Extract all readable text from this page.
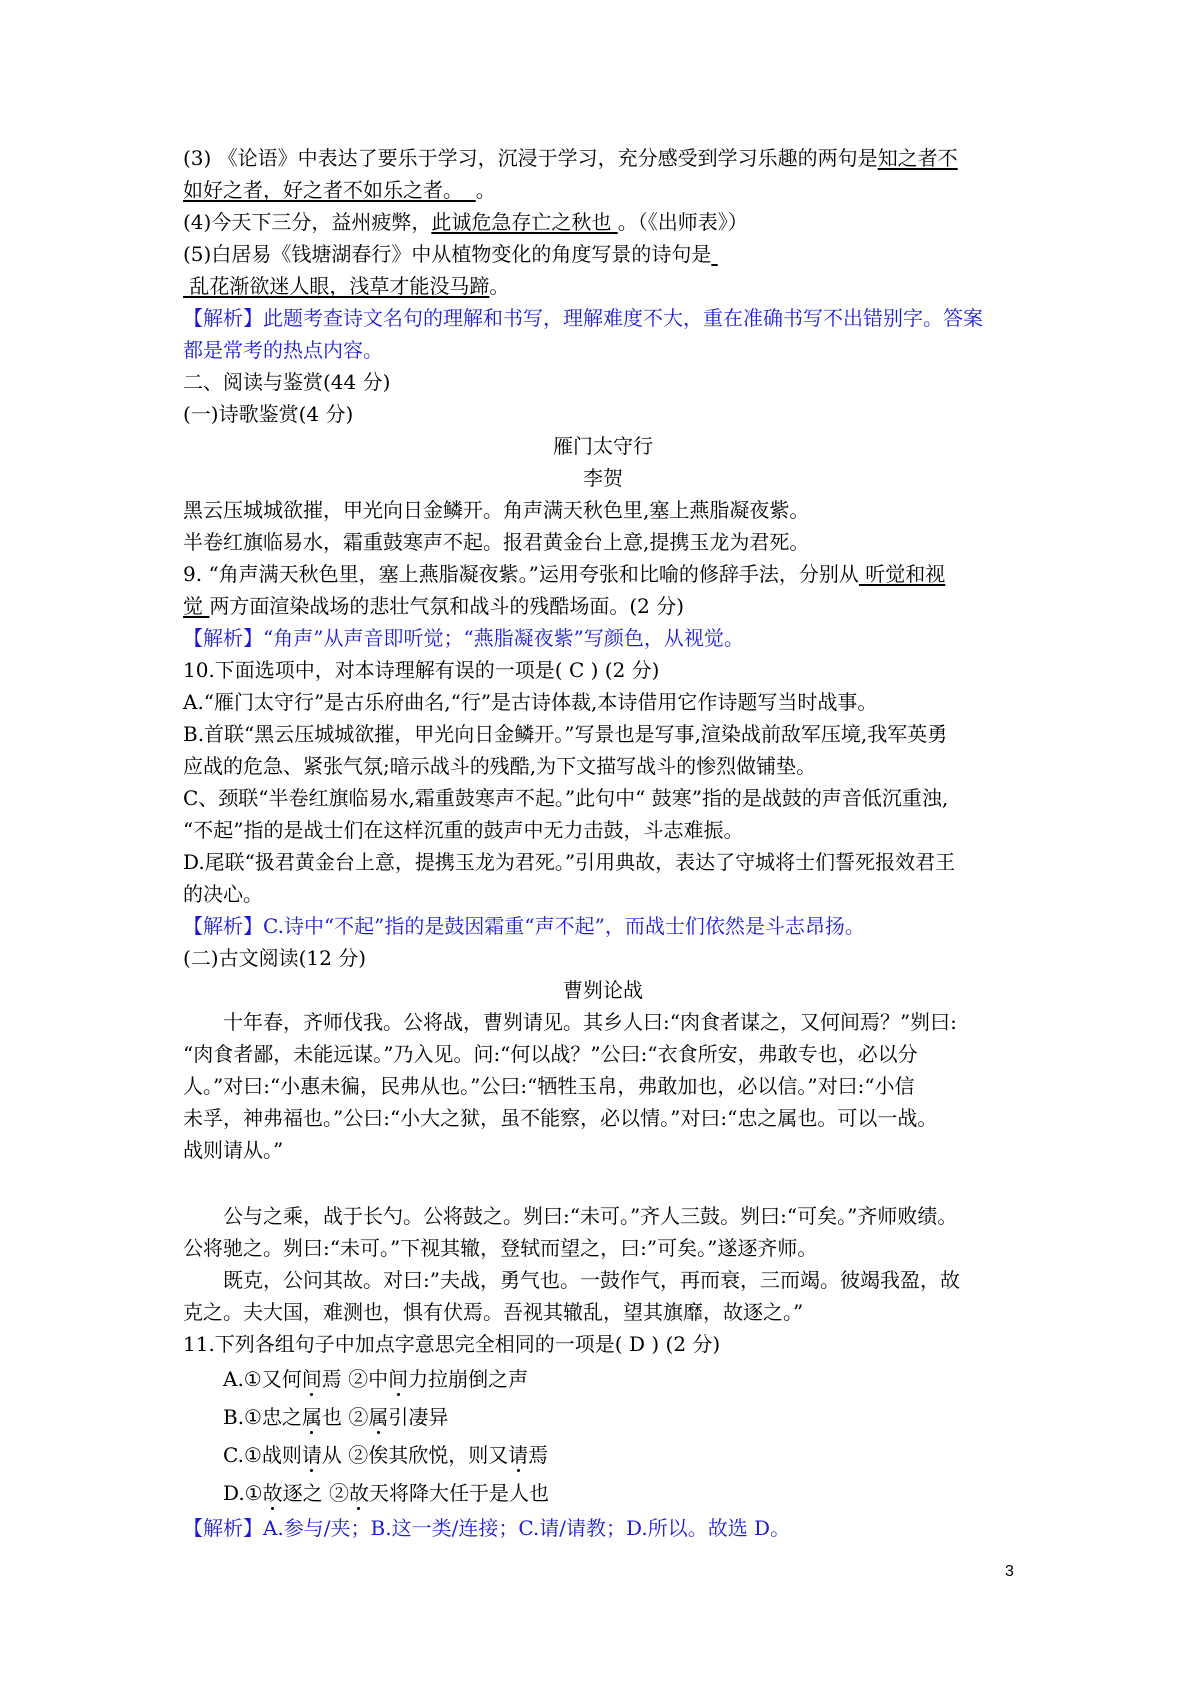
(3) 《论语》中表达了要乐于学习，沉浸于学习，充分感受到学习乐趣的两句是知之者不
如好之者，好之者不如乐之者。 。
(4)今天下三分，益州疲弊，此诚危急存亡之秋也 。（《出师表》）
(5)白居易《钱塘湖春行》中从植物变化的角度写景的诗句是
乱花渐欲迷人眼，浅草才能没马蹄。
【解析】此题考查诗文名句的理解和书写，理解难度不大，重在准确书写不出错别字。答案
都是常考的热点内容。
二、阅读与鉴赏(44 分)
(一)诗歌鉴赏(4 分)
雁门太守行
李贺
黑云压城城欲摧，甲光向日金鳞开。角声满天秋色里,塞上燕脂凝夜紫。
半卷红旗临易水，霜重鼓寒声不起。报君黄金台上意,提携玉龙为君死。
9. “角声满天秋色里，塞上燕脂凝夜紫。”运用夸张和比喻的修辞手法，分别从 听觉和视
觉 两方面渲染战场的悲壮气氛和战斗的残酷场面。(2 分)
【解析】“角声”从声音即听觉；“燕脂凝夜紫”写颜色，从视觉。
10.下面选项中，对本诗理解有误的一项是( C ) (2 分)
A.“雁门太守行”是古乐府曲名,“行”是古诗体裁,本诗借用它作诗题写当时战事。
B.首联“黑云压城城欲摧，甲光向日金鳞开。”写景也是写事,渲染战前敌军压境,我军英勇
应战的危急、紧张气氛;暗示战斗的残酷,为下文描写战斗的惨烈做铺垫。
C、颈联“半卷红旗临易水,霜重鼓寒声不起。”此句中“ 鼓寒”指的是战鼓的声音低沉重浊,
“不起”指的是战士们在这样沉重的鼓声中无力击鼓，斗志难振。
D.尾联“扱君黄金台上意，提携玉龙为君死。”引用典故，表达了守城将士们誓死报效君王
的决心。
【解析】C.诗中“不起”指的是鼓因霜重“声不起”，而战士们依然是斗志昂扬。
(二)古文阅读(12 分)
曹刿论战
十年春，齐师伐我。公将战，曹刿请见。其乡人曰:“肉食者谋之，又何间焉？”刿曰:
“肉食者鄙，未能远谋。”乃入见。问:“何以战？”公曰:“衣食所安，弗敢专也，必以分
人。”对曰:“小惠未徧，民弗从也。”公曰:“牺牲玉帛，弗敢加也，必以信。”对曰:“小信
未孚，神弗福也。”公曰:“小大之狱，虽不能察，必以情。”对曰:“忠之属也。可以一战。
战则请从。”
公与之乘，战于长勺。公将鼓之。刿曰:“未可。”齐人三鼓。刿曰:“可矣。”齐师败绩。
公将驰之。刿曰:“未可。”下视其辙，登轼而望之，曰:”可矣。”遂逐齐师。
既克，公问其故。对曰:”夫战，勇气也。一鼓作气，再而衰，三而竭。彼竭我盈，故
克之。夫大国，难测也，惧有伏焉。吾视其辙乱，望其旗靡，故逐之。”
11.下列各组句子中加点字意思完全相同的一项是( D ) (2 分)
A.①又何间焉 ②中间力拉崩倒之声
B.①忠之属也 ②属引凄异
C.①战则请从 ②俟其欣悦，则又请焉
D.①故逐之 ②故天将降大任于是人也
【解析】A.参与/夹；B.这一类/连接；C.请/请教；D.所以。故选 D。
3
